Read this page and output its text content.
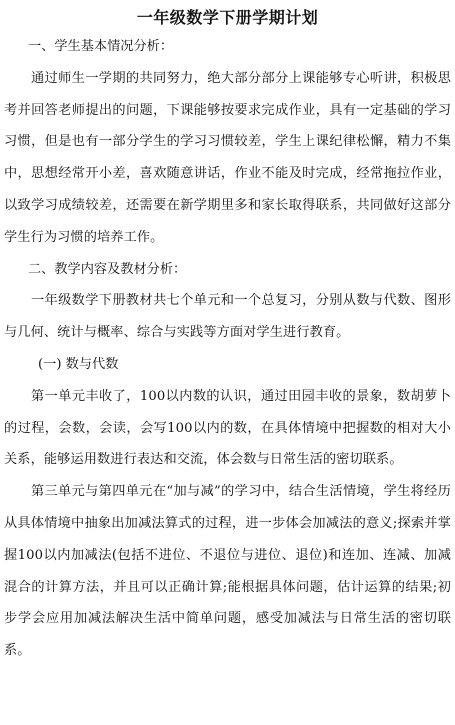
一年级数学下册学期计划

一、学生基本情况分析：

通过师生一学期的共同努力，绝大部分部分上课能够专心听讲，积极思考并回答老师提出的问题，下课能够按要求完成作业，具有一定基础的学习习惯，但是也有一部分学生的学习习惯较差，学生上课纪律松懈，精力不集中，思想经常开小差，喜欢随意讲话，作业不能及时完成，经常拖拉作业，以致学习成绩较差，还需要在新学期里多和家长取得联系，共同做好这部分学生行为习惯的培养工作。

二、教学内容及教材分析：

一年级数学下册教材共七个单元和一个总复习，分别从数与代数、图形与几何、统计与概率、综合与实践等方面对学生进行教育。

(一) 数与代数

第一单元丰收了，100以内数的认识，通过田园丰收的景象，数胡萝卜的过程，会数，会读，会写100以内的数，在具体情境中把握数的相对大小关系，能够运用数进行表达和交流，体会数与日常生活的密切联系。

第三单元与第四单元在“加与减”的学习中，结合生活情境，学生将经历从具体情境中抽象出加减法算式的过程，进一步体会加减法的意义;探索并掌握100以内加减法(包括不进位、不退位与进位、退位)和连加、连减、加减混合的计算方法，并且可以正确计算;能根据具体问题，估计运算的结果;初步学会应用加减法解决生活中简单问题，感受加减法与日常生活的密切联系。
